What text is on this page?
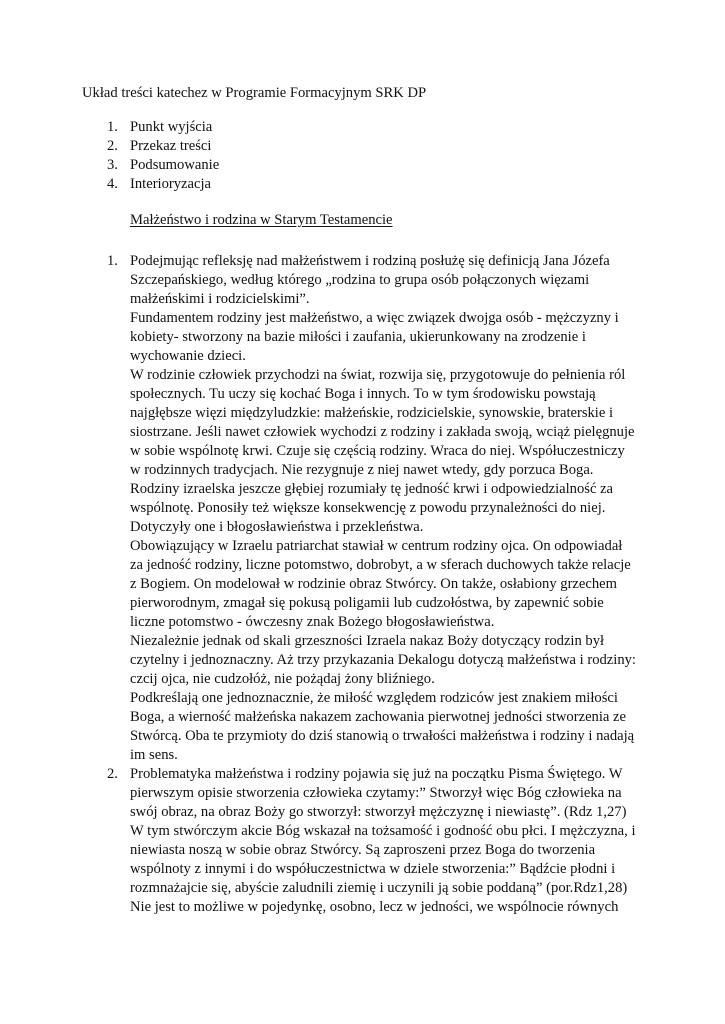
Układ treści katechez w Programie Formacyjnym SRK DP
1. Punkt wyjścia
2. Przekaz treści
3. Podsumowanie
4. Interioryzacja
Małżeństwo i rodzina w Starym Testamencie
1. Podejmując refleksję nad małżeństwem i rodziną posłużę się definicją Jana Józefa
Szczepańskiego, według którego „rodzina to grupa osób połączonych więzami
małżeńskimi i rodzicielskimi”.
Fundamentem rodziny jest małżeństwo, a więc związek dwojga osób - mężczyzny i
kobiety- stworzony na bazie miłości i zaufania, ukierunkowany na zrodzenie i
wychowanie dzieci.
W rodzinie człowiek przychodzi na świat, rozwija się, przygotowuje do pełnienia ról
społecznych. Tu uczy się kochać Boga i innych. To w tym środowisku powstają
najgłębsze więzi międzyludzkie: małżeńskie, rodzicielskie, synowskie, braterskie i
siostrzane. Jeśli nawet człowiek wychodzi z rodziny i zakłada swoją, wciąż pielęgnuje
w sobie wspólnotę krwi. Czuje się częścią rodziny. Wraca do niej. Współuczestniczy
w rodzinnych tradycjach. Nie rezygnuje z niej nawet wtedy, gdy porzuca Boga.
Rodziny izraelska jeszcze głębiej rozumiały tę jedność krwi i odpowiedzialność za
wspólnotę. Ponosiły też większe konsekwencję z powodu przynależności do niej.
Dotyczyły one i błogosławieństwa i przekleństwa.
Obowiązujący w Izraelu patriarchat stawiał w centrum rodziny ojca. On odpowiadał
za jedność rodziny, liczne potomstwo, dobrobyt, a w sferach duchowych także relacje
z Bogiem. On modelował w rodzinie obraz Stwórcy. On także, osłabiony grzechem
pierworodnym, zmagał się pokusą poligamii lub cudzołóstwa, by zapewnić sobie
liczne potomstwo - ówczesny znak Bożego błogosławieństwa.
Niezależnie jednak od skali grzeszności Izraela nakaz Boży dotyczący rodzin był
czytelny i jednoznaczny. Aż trzy przykazania Dekalogu dotyczą małżeństwa i rodziny:
czcij ojca, nie cudzołóż, nie pożądaj żony bliźniego.
Podkreślają one jednoznacznie, że miłość względem rodziców jest znakiem miłości
Boga, a wierność małżeńska nakazem zachowania pierwotnej jedności stworzenia ze
Stwórcą. Oba te przymioty do dziś stanowią o trwałości małżeństwa i rodziny i nadają
im sens.
2. Problematyka małżeństwa i rodziny pojawia się już na początku Pisma Świętego. W
pierwszym opisie stworzenia człowieka czytamy:” Stworzył więc Bóg człowieka na
swój obraz, na obraz Boży go stworzył: stworzył mężczyznę i niewiastę”. (Rdz 1,27)
W tym stwórczym akcie Bóg wskazał na tożsamość i godność obu płci. I mężczyzna, i
niewiasta noszą w sobie obraz Stwórcy. Są zaproszeni przez Boga do tworzenia
wspólnoty z innymi i do współuczestnictwa w dziele stworzenia:” Bądźcie płodni i
rozmnażajcie się, abyście zaludnili ziemię i uczynili ją sobie poddaną” (por.Rdz1,28)
Nie jest to możliwe w pojedynkę, osobno, lecz w jedności, we wspólnocie równych
